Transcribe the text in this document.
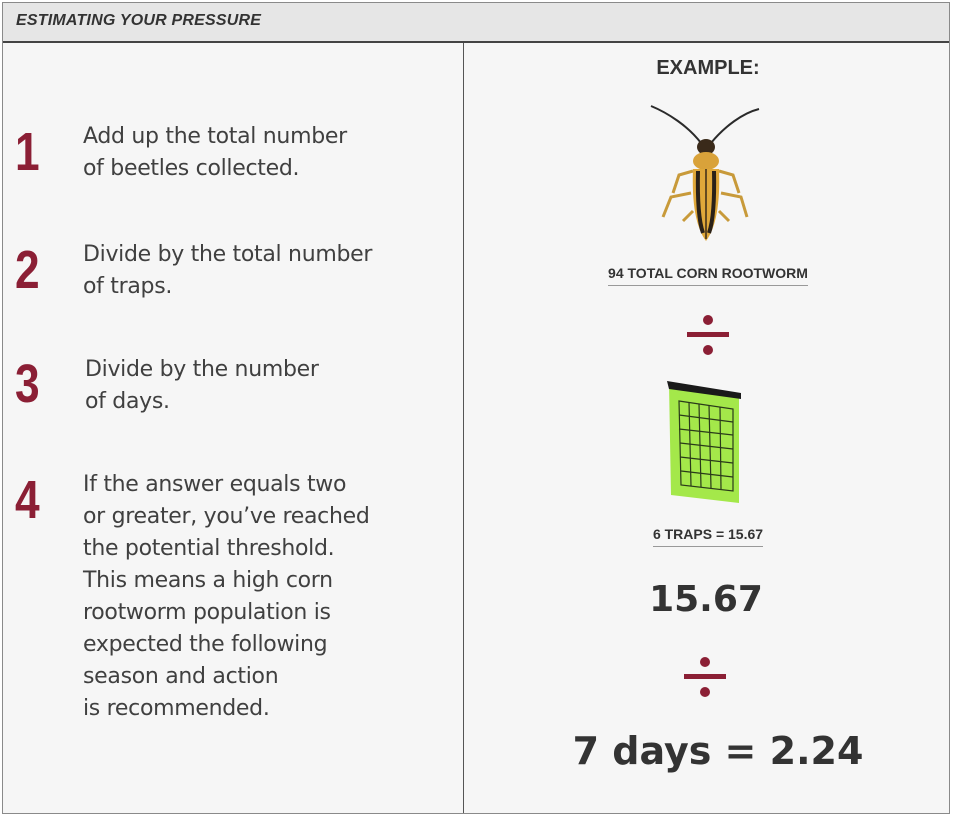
ESTIMATING YOUR PRESSURE
1 Add up the total number
of beetles collected.
2 Divide by the total number
of traps.
3 Divide by the number
of days.
4 If the answer equals two
or greater, you’ve reached
the potential threshold.
This means a high corn
rootworm population is
expected the following
season and action
is recommended.
EXAMPLE:
94 TOTAL CORN ROOTWORM
6 TRAPS = 15.67
15.67
7 days = 2.24
